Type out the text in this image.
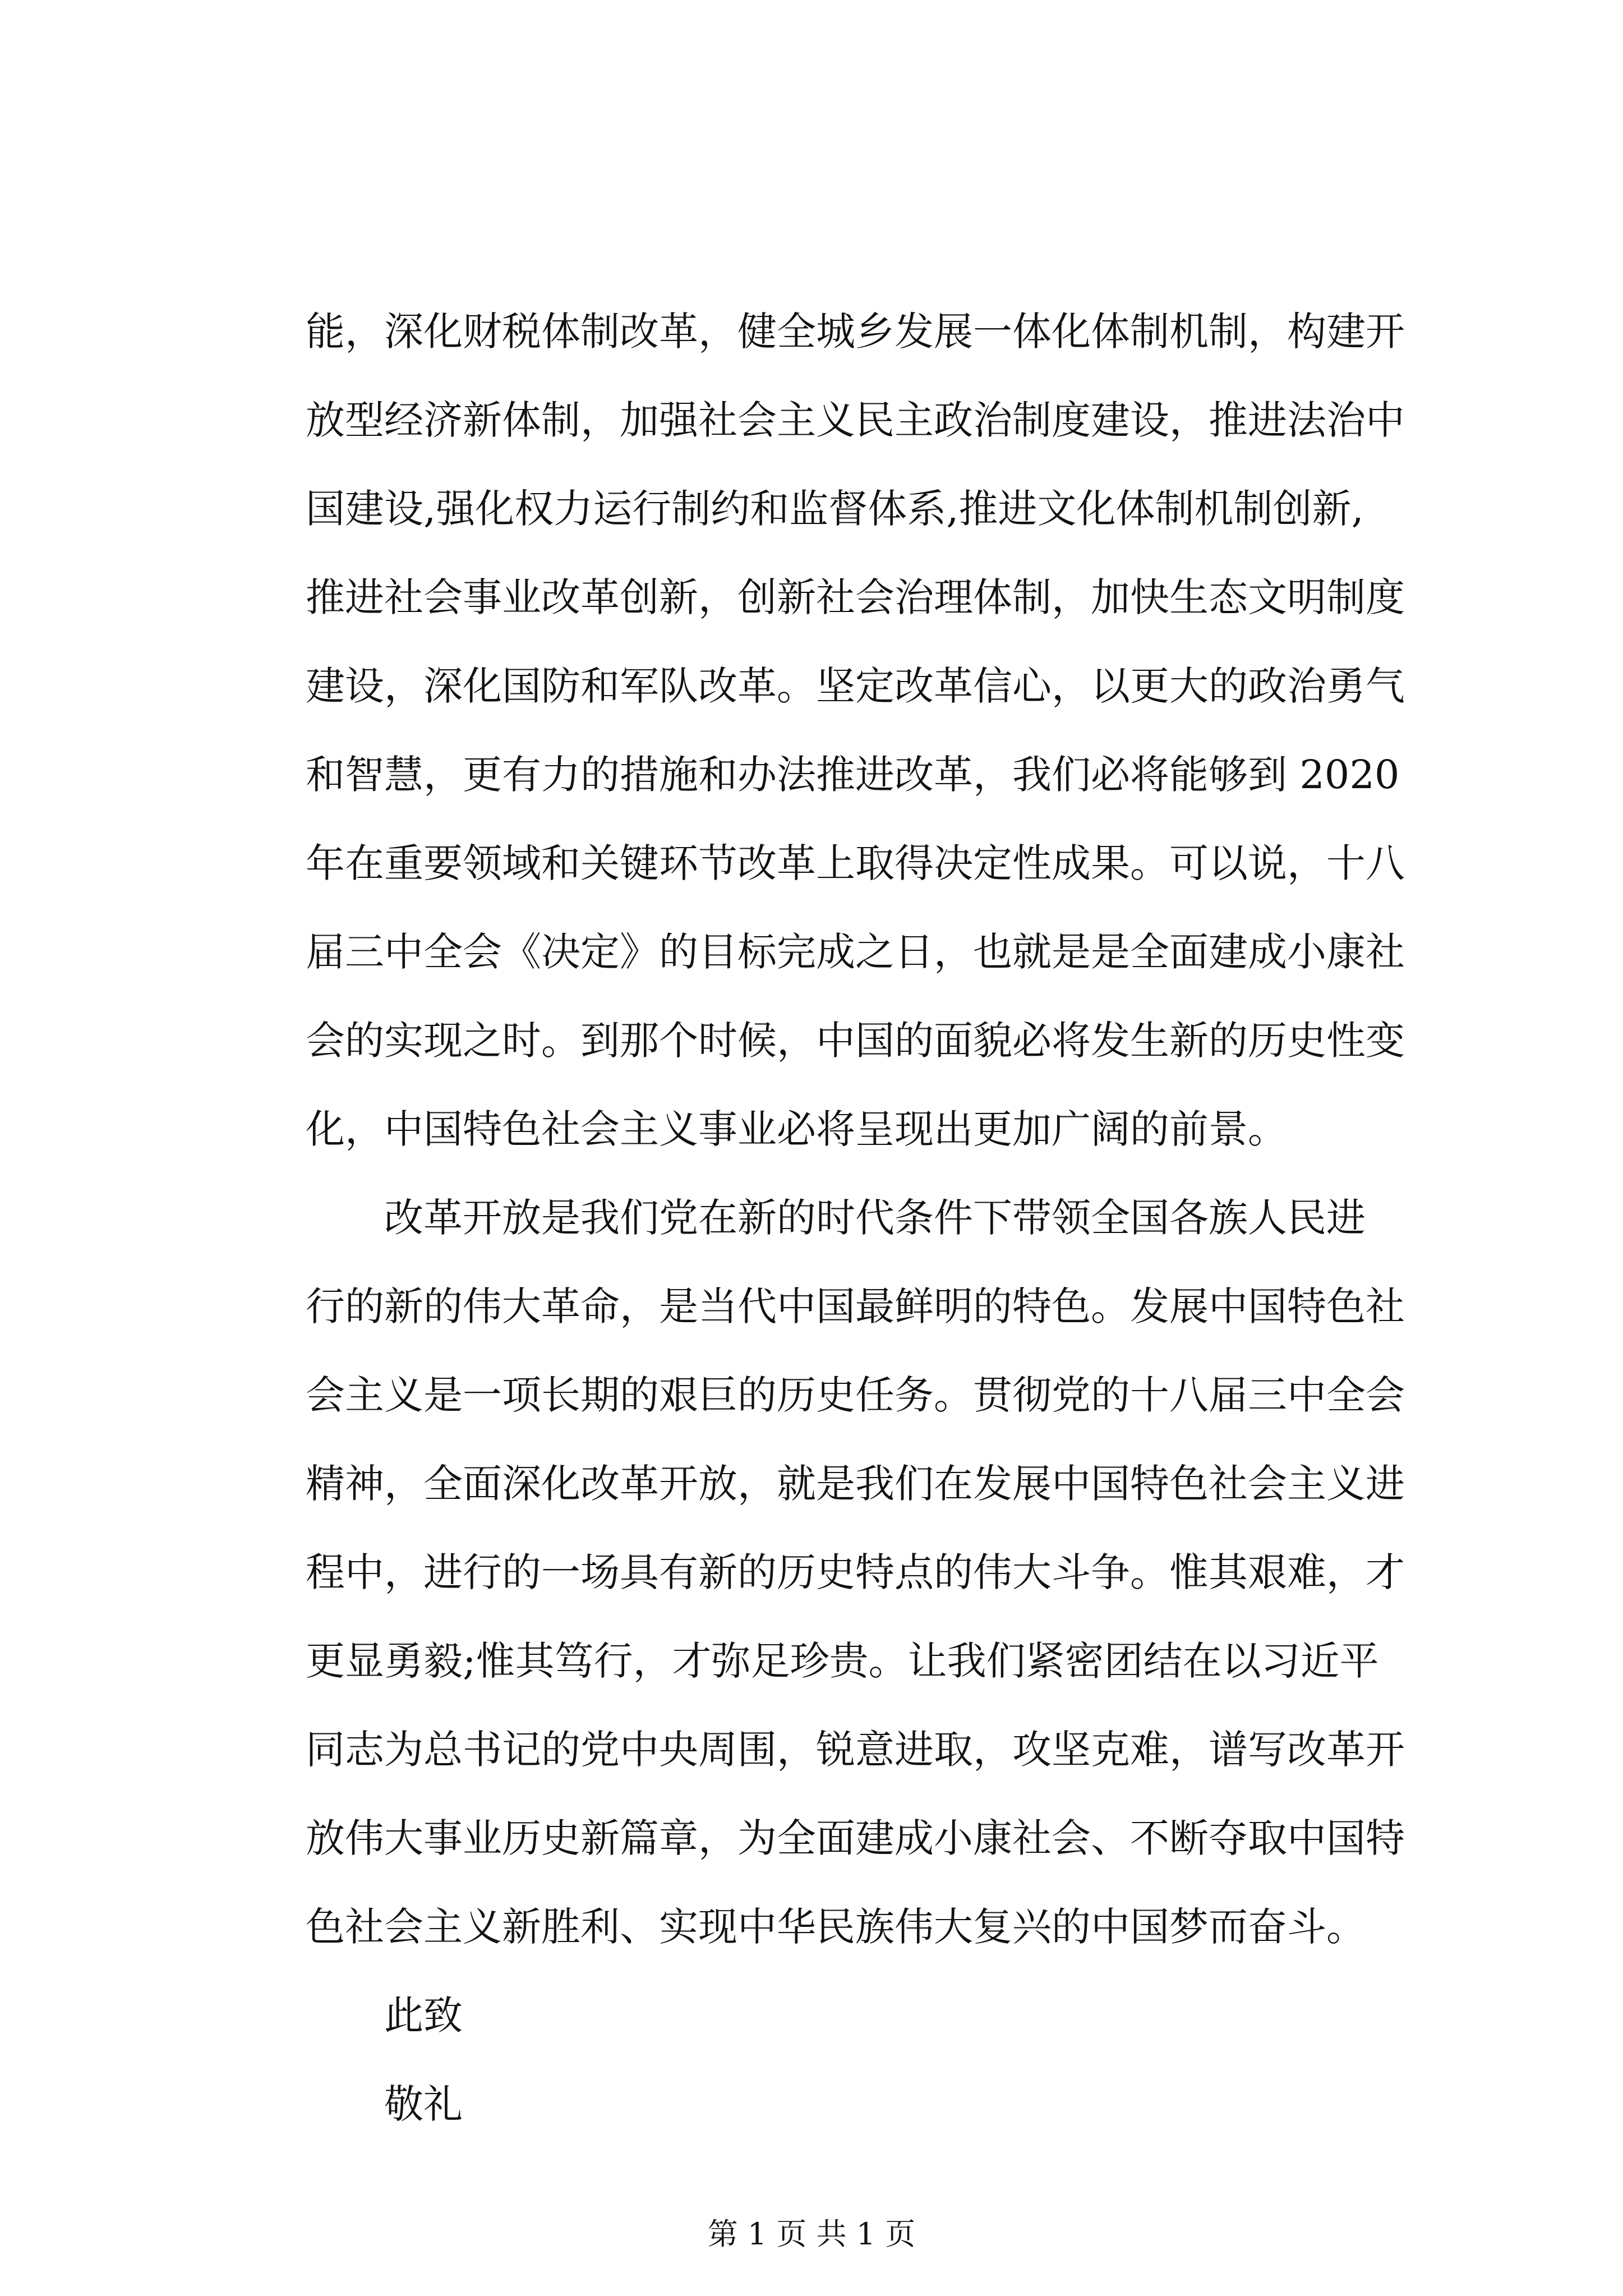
能，深化财税体制改革，健全城乡发展一体化体制机制，构建开
放型经济新体制，加强社会主义民主政治制度建设，推进法治中
国建设,强化权力运行制约和监督体系,推进文化体制机制创新,
推进社会事业改革创新，创新社会治理体制，加快生态文明制度
建设，深化国防和军队改革。坚定改革信心，以更大的政治勇气
和智慧，更有力的措施和办法推进改革，我们必将能够到 2020
年在重要领域和关键环节改革上取得决定性成果。可以说，十八
届三中全会《决定》的目标完成之日，也就是是全面建成小康社
会的实现之时。到那个时候，中国的面貌必将发生新的历史性变
化，中国特色社会主义事业必将呈现出更加广阔的前景。
改革开放是我们党在新的时代条件下带领全国各族人民进
行的新的伟大革命，是当代中国最鲜明的特色。发展中国特色社
会主义是一项长期的艰巨的历史任务。贯彻党的十八届三中全会
精神，全面深化改革开放，就是我们在发展中国特色社会主义进
程中，进行的一场具有新的历史特点的伟大斗争。惟其艰难，才
更显勇毅;惟其笃行，才弥足珍贵。让我们紧密团结在以习近平
同志为总书记的党中央周围，锐意进取，攻坚克难，谱写改革开
放伟大事业历史新篇章，为全面建成小康社会、不断夺取中国特
色社会主义新胜利、实现中华民族伟大复兴的中国梦而奋斗。
此致
敬礼
第 1 页 共 1 页
